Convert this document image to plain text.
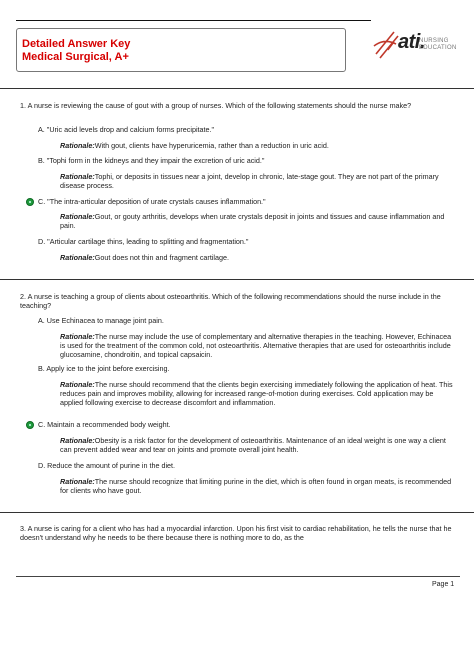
Detailed Answer Key
Medical Surgical, A+
ati.
NURSING
EDUCATION
1. A nurse is reviewing the cause of gout with a group of nurses. Which of the following statements should the nurse make?
A. "Uric acid levels drop and calcium forms precipitate."
Rationale:With gout, clients have hyperuricemia, rather than a reduction in uric acid.
B. "Tophi form in the kidneys and they impair the excretion of uric acid."
Rationale:Tophi, or deposits in tissues near a joint, develop in chronic, late-stage gout. They are not part of the primary disease process.
C. "The intra-articular deposition of urate crystals causes inflammation."
Rationale:Gout, or gouty arthritis, develops when urate crystals deposit in joints and tissues and cause inflammation and pain.
D. "Articular cartilage thins, leading to splitting and fragmentation."
Rationale:Gout does not thin and fragment cartilage.
2. A nurse is teaching a group of clients about osteoarthritis. Which of the following recommendations should the nurse include in the teaching?
A. Use Echinacea to manage joint pain.
Rationale:The nurse may include the use of complementary and alternative therapies in the teaching. However, Echinacea is used for the treatment of the common cold, not osteoarthritis. Alternative therapies that are used for osteoarthritis include glucosamine, chondroitin, and topical capsaicin.
B. Apply ice to the joint before exercising.
Rationale:The nurse should recommend that the clients begin exercising immediately following the application of heat. This reduces pain and improves mobility, allowing for increased range-of-motion during exercises. Cold application may be applied following exercise to decrease discomfort and inflammation.
C. Maintain a recommended body weight.
Rationale:Obesity is a risk factor for the development of osteoarthritis. Maintenance of an ideal weight is one way a client can prevent added wear and tear on joints and promote overall joint health.
D. Reduce the amount of purine in the diet.
Rationale:The nurse should recognize that limiting purine in the diet, which is often found in organ meats, is recommended for clients who have gout.
3. A nurse is caring for a client who has had a myocardial infarction. Upon his first visit to cardiac rehabilitation, he tells the nurse that he doesn't understand why he needs to be there because there is nothing more to do, as the
Page 1
